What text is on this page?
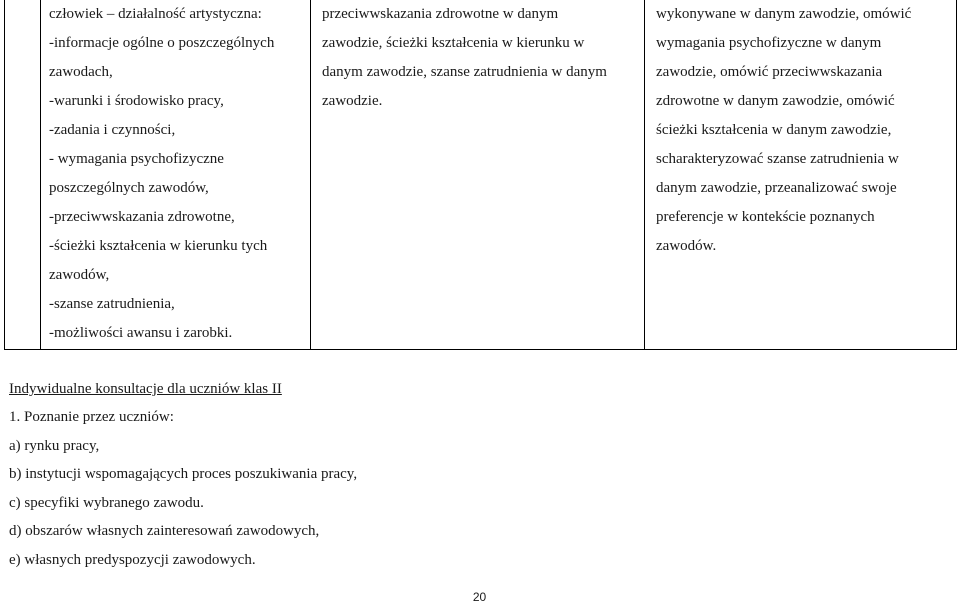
człowiek – działalność artystyczna:
-informacje ogólne o poszczególnych
zawodach,
-warunki i środowisko pracy,
-zadania i czynności,
- wymagania psychofizyczne
poszczególnych zawodów,
-przeciwwskazania zdrowotne,
-ścieżki kształcenia w kierunku tych
zawodów,
-szanse zatrudnienia,
-możliwości awansu i zarobki.
przeciwwskazania zdrowotne w danym
zawodzie, ścieżki kształcenia w kierunku w
danym zawodzie, szanse zatrudnienia w danym
zawodzie.
wykonywane w danym zawodzie, omówić
wymagania psychofizyczne w danym
zawodzie, omówić przeciwwskazania
zdrowotne w danym zawodzie, omówić
ścieżki kształcenia w danym zawodzie,
scharakteryzować szanse zatrudnienia w
danym zawodzie, przeanalizować swoje
preferencje w kontekście poznanych
zawodów.
Indywidualne konsultacje dla uczniów klas II
1. Poznanie przez uczniów:
a) rynku pracy,
b) instytucji wspomagających proces poszukiwania pracy,
c) specyfiki wybranego zawodu.
d) obszarów własnych zainteresowań zawodowych,
e) własnych predyspozycji zawodowych.
20
